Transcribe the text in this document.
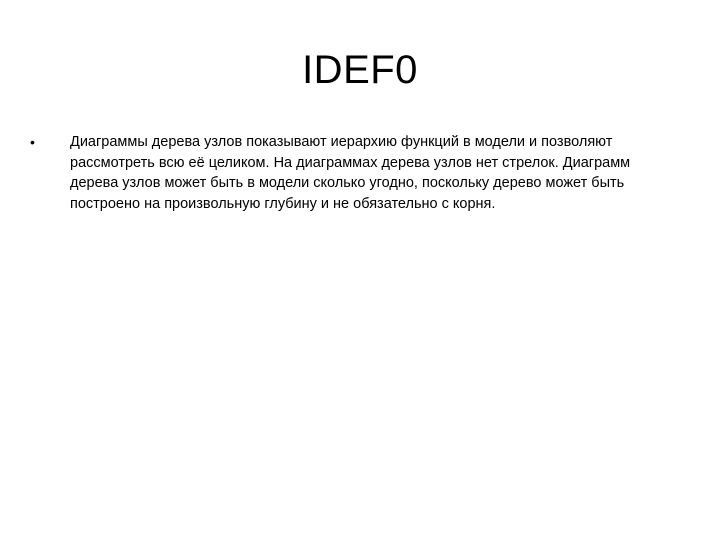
IDEF0
•	Диаграммы дерева узлов показывают иерархию функций в модели и позволяют рассмотреть всю её целиком. На диаграммах дерева узлов нет стрелок. Диаграмм дерева узлов может быть в модели сколько угодно, поскольку дерево может быть построено на произвольную глубину и не обязательно с корня.
